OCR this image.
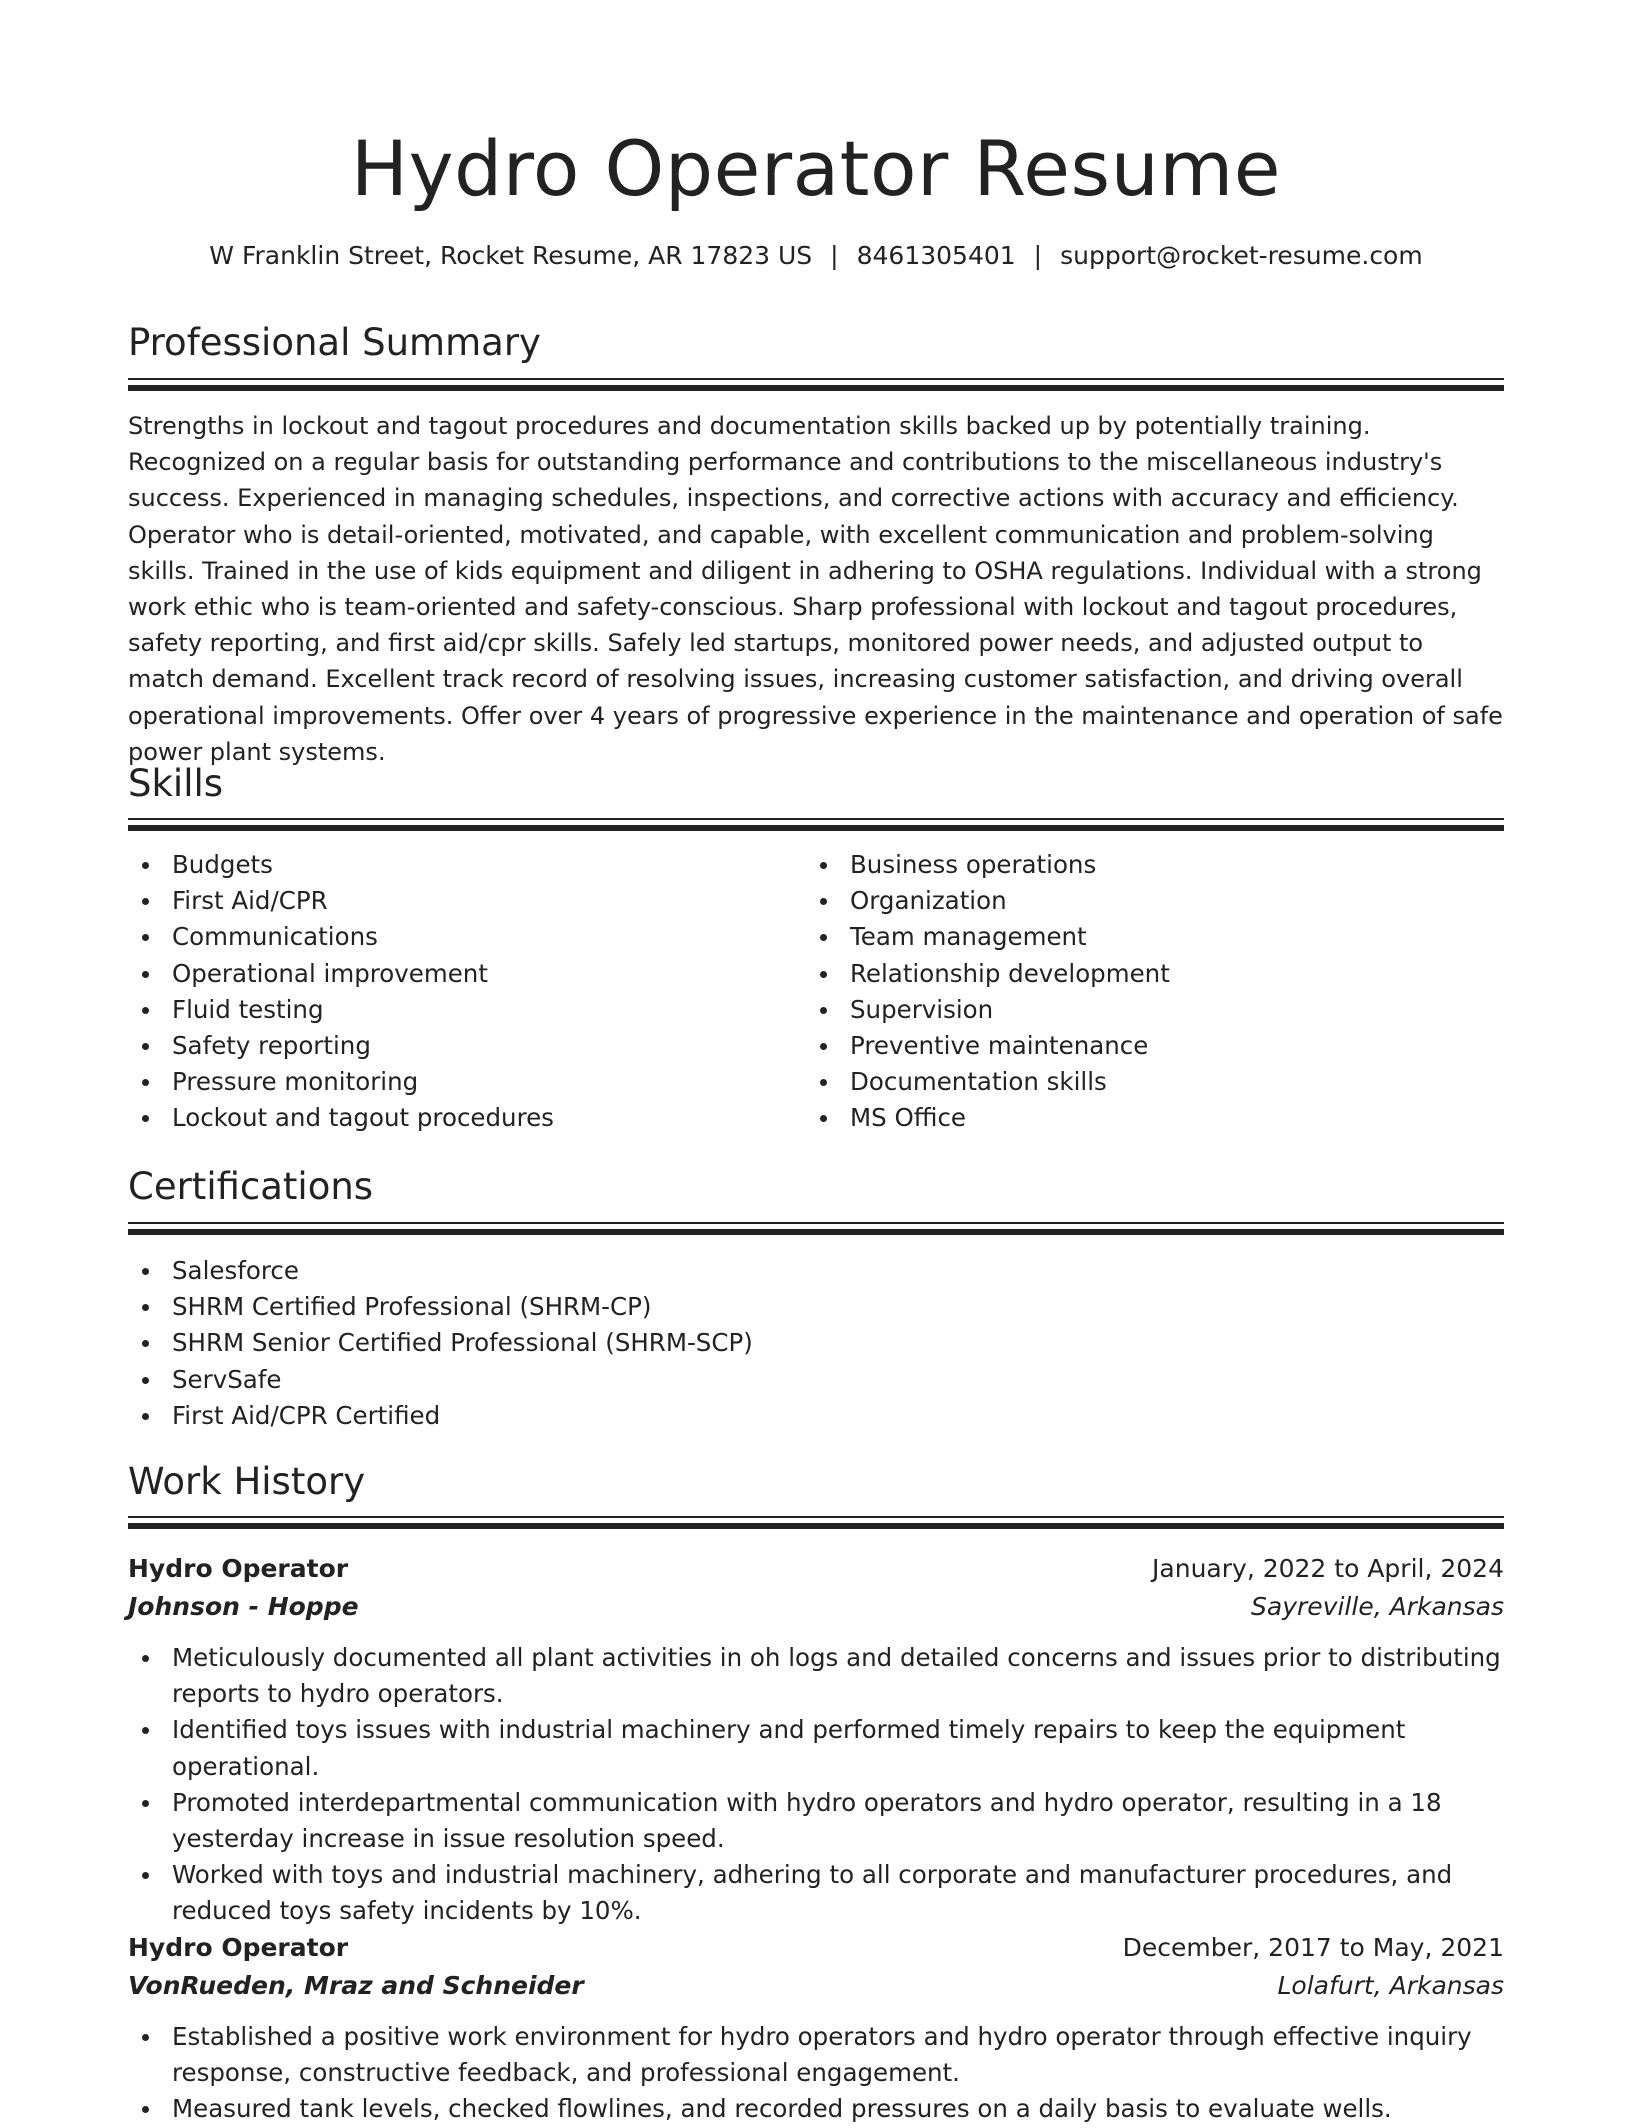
Hydro Operator Resume
W Franklin Street, Rocket Resume, AR 17823 US | 8461305401 | support@rocket-resume.com
Professional Summary

Strengths in lockout and tagout procedures and documentation skills backed up by potentially training. Recognized on a regular basis for outstanding performance and contributions to the miscellaneous industry's success. Experienced in managing schedules, inspections, and corrective actions with accuracy and efficiency. Operator who is detail-oriented, motivated, and capable, with excellent communication and problem-solving skills. Trained in the use of kids equipment and diligent in adhering to OSHA regulations. Individual with a strong work ethic who is team-oriented and safety-conscious. Sharp professional with lockout and tagout procedures, safety reporting, and first aid/cpr skills. Safely led startups, monitored power needs, and adjusted output to match demand. Excellent track record of resolving issues, increasing customer satisfaction, and driving overall operational improvements. Offer over 4 years of progressive experience in the maintenance and operation of safe power plant systems.

Skills
Budgets
First Aid/CPR
Communications
Operational improvement
Fluid testing
Safety reporting
Pressure monitoring
Lockout and tagout procedures
Business operations
Organization
Team management
Relationship development
Supervision
Preventive maintenance
Documentation skills
MS Office
Certifications
Salesforce
SHRM Certified Professional (SHRM-CP)
SHRM Senior Certified Professional (SHRM-SCP)
ServSafe
First Aid/CPR Certified
Work History
Hydro Operator	January, 2022 to April, 2024
Johnson - Hoppe	Sayreville, Arkansas
Meticulously documented all plant activities in oh logs and detailed concerns and issues prior to distributing reports to hydro operators.
Identified toys issues with industrial machinery and performed timely repairs to keep the equipment operational.
Promoted interdepartmental communication with hydro operators and hydro operator, resulting in a 18 yesterday increase in issue resolution speed.
Worked with toys and industrial machinery, adhering to all corporate and manufacturer procedures, and reduced toys safety incidents by 10%.
Hydro Operator	December, 2017 to May, 2021
VonRueden, Mraz and Schneider	Lolafurt, Arkansas
Established a positive work environment for hydro operators and hydro operator through effective inquiry response, constructive feedback, and professional engagement.
Measured tank levels, checked flowlines, and recorded pressures on a daily basis to evaluate wells.
